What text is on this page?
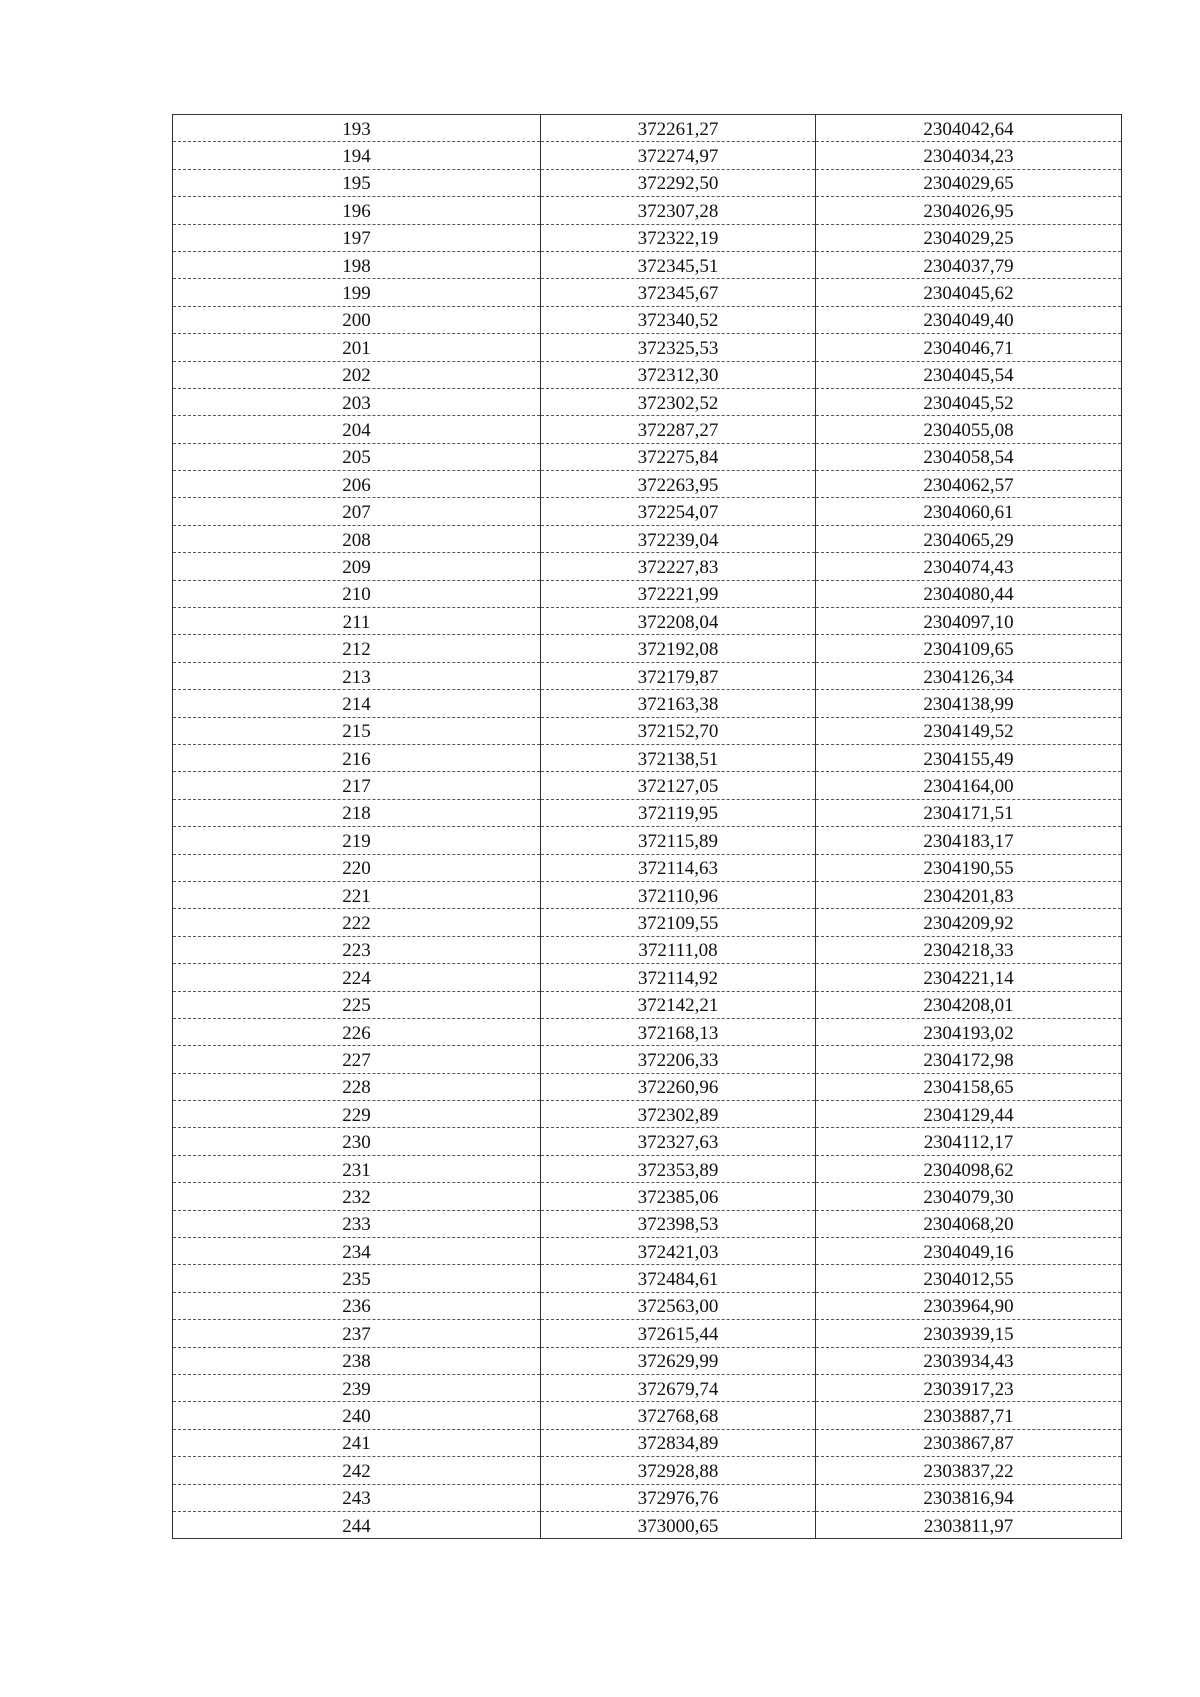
193	372261,27	2304042,64
194	372274,97	2304034,23
195	372292,50	2304029,65
196	372307,28	2304026,95
197	372322,19	2304029,25
198	372345,51	2304037,79
199	372345,67	2304045,62
200	372340,52	2304049,40
201	372325,53	2304046,71
202	372312,30	2304045,54
203	372302,52	2304045,52
204	372287,27	2304055,08
205	372275,84	2304058,54
206	372263,95	2304062,57
207	372254,07	2304060,61
208	372239,04	2304065,29
209	372227,83	2304074,43
210	372221,99	2304080,44
211	372208,04	2304097,10
212	372192,08	2304109,65
213	372179,87	2304126,34
214	372163,38	2304138,99
215	372152,70	2304149,52
216	372138,51	2304155,49
217	372127,05	2304164,00
218	372119,95	2304171,51
219	372115,89	2304183,17
220	372114,63	2304190,55
221	372110,96	2304201,83
222	372109,55	2304209,92
223	372111,08	2304218,33
224	372114,92	2304221,14
225	372142,21	2304208,01
226	372168,13	2304193,02
227	372206,33	2304172,98
228	372260,96	2304158,65
229	372302,89	2304129,44
230	372327,63	2304112,17
231	372353,89	2304098,62
232	372385,06	2304079,30
233	372398,53	2304068,20
234	372421,03	2304049,16
235	372484,61	2304012,55
236	372563,00	2303964,90
237	372615,44	2303939,15
238	372629,99	2303934,43
239	372679,74	2303917,23
240	372768,68	2303887,71
241	372834,89	2303867,87
242	372928,88	2303837,22
243	372976,76	2303816,94
244	373000,65	2303811,97
